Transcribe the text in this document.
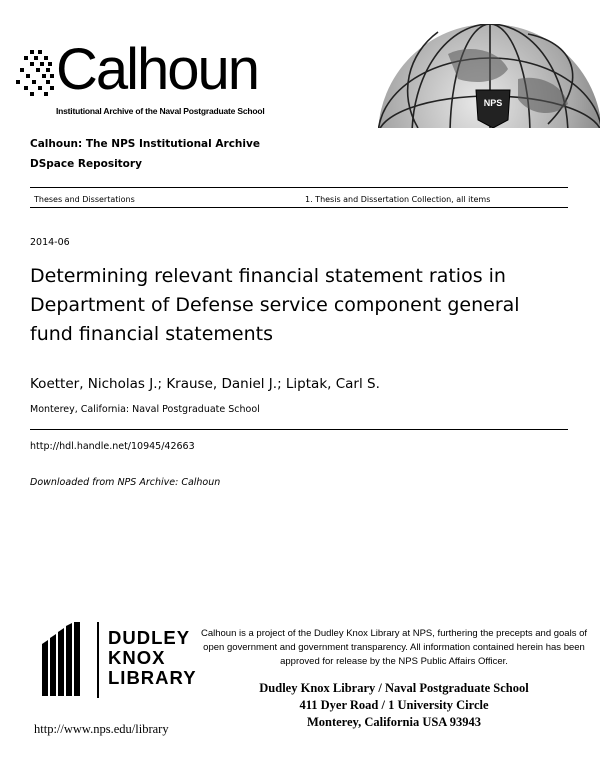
Calhoun
Institutional Archive of the Naval Postgraduate School
NPS
Calhoun: The NPS Institutional Archive
DSpace Repository
Theses and Dissertations	1. Thesis and Dissertation Collection, all items
2014-06
Determining relevant financial statement ratios in Department of Defense service component general fund financial statements
Koetter, Nicholas J.; Krause, Daniel J.; Liptak, Carl S.
Monterey, California: Naval Postgraduate School
http://hdl.handle.net/10945/42663
Downloaded from NPS Archive: Calhoun
DUDLEY
KNOX
LIBRARY
Calhoun is a project of the Dudley Knox Library at NPS, furthering the precepts and goals of open government and government transparency. All information contained herein has been approved for release by the NPS Public Affairs Officer.
Dudley Knox Library / Naval Postgraduate School
411 Dyer Road / 1 University Circle
Monterey, California USA 93943
http://www.nps.edu/library
